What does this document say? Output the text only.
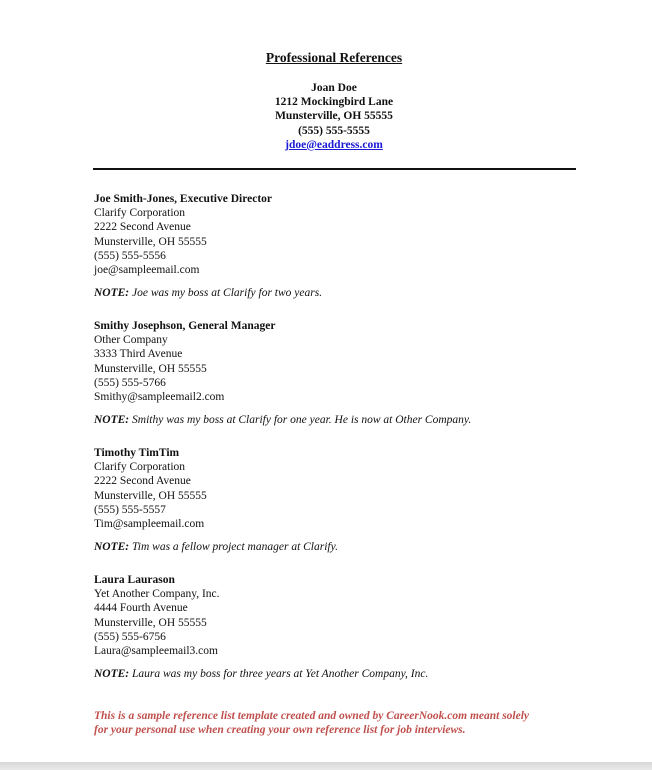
Professional References
Joan Doe
1212 Mockingbird Lane
Munsterville, OH 55555
(555) 555-5555
jdoe@eaddress.com
Joe Smith-Jones, Executive Director
Clarify Corporation
2222 Second Avenue
Munsterville, OH 55555
(555) 555-5556
joe@sampleemail.com
NOTE: Joe was my boss at Clarify for two years.
Smithy Josephson, General Manager
Other Company
3333 Third Avenue
Munsterville, OH 55555
(555) 555-5766
Smithy@sampleemail2.com
NOTE: Smithy was my boss at Clarify for one year. He is now at Other Company.
Timothy TimTim
Clarify Corporation
2222 Second Avenue
Munsterville, OH 55555
(555) 555-5557
Tim@sampleemail.com
NOTE: Tim was a fellow project manager at Clarify.
Laura Laurason
Yet Another Company, Inc.
4444 Fourth Avenue
Munsterville, OH 55555
(555) 555-6756
Laura@sampleemail3.com
NOTE: Laura was my boss for three years at Yet Another Company, Inc.
This is a sample reference list template created and owned by CareerNook.com meant solely
for your personal use when creating your own reference list for job interviews.
